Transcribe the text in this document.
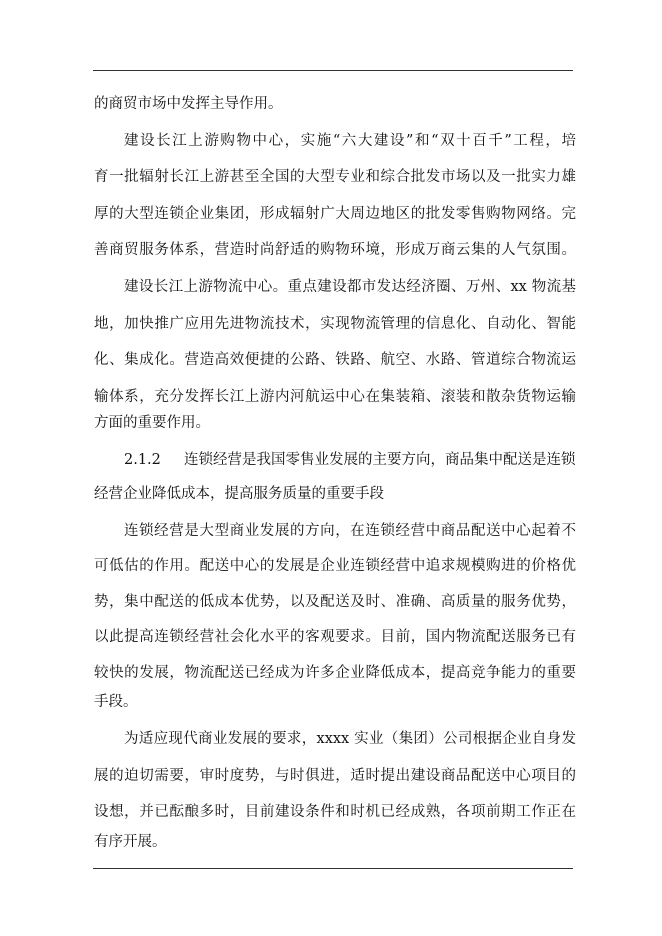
的商贸市场中发挥主导作用。
建设长江上游购物中心，实施“六大建设”和“双十百千”工程，培
育一批辐射长江上游甚至全国的大型专业和综合批发市场以及一批实力雄
厚的大型连锁企业集团，形成辐射广大周边地区的批发零售购物网络。完
善商贸服务体系，营造时尚舒适的购物环境，形成万商云集的人气氛围。
建设长江上游物流中心。重点建设都市发达经济圈、万州、xx 物流基
地，加快推广应用先进物流技术，实现物流管理的信息化、自动化、智能
化、集成化。营造高效便捷的公路、铁路、航空、水路、管道综合物流运
输体系，充分发挥长江上游内河航运中心在集装箱、滚装和散杂货物运输
方面的重要作用。
2.1.2 连锁经营是我国零售业发展的主要方向，商品集中配送是连锁
经营企业降低成本，提高服务质量的重要手段
连锁经营是大型商业发展的方向，在连锁经营中商品配送中心起着不
可低估的作用。配送中心的发展是企业连锁经营中追求规模购进的价格优
势，集中配送的低成本优势，以及配送及时、准确、高质量的服务优势，
以此提高连锁经营社会化水平的客观要求。目前，国内物流配送服务已有
较快的发展，物流配送已经成为许多企业降低成本，提高竞争能力的重要
手段。
为适应现代商业发展的要求，xxxx 实业（集团）公司根据企业自身发
展的迫切需要，审时度势，与时俱进，适时提出建设商品配送中心项目的
设想，并已酝酿多时，目前建设条件和时机已经成熟，各项前期工作正在
有序开展。
